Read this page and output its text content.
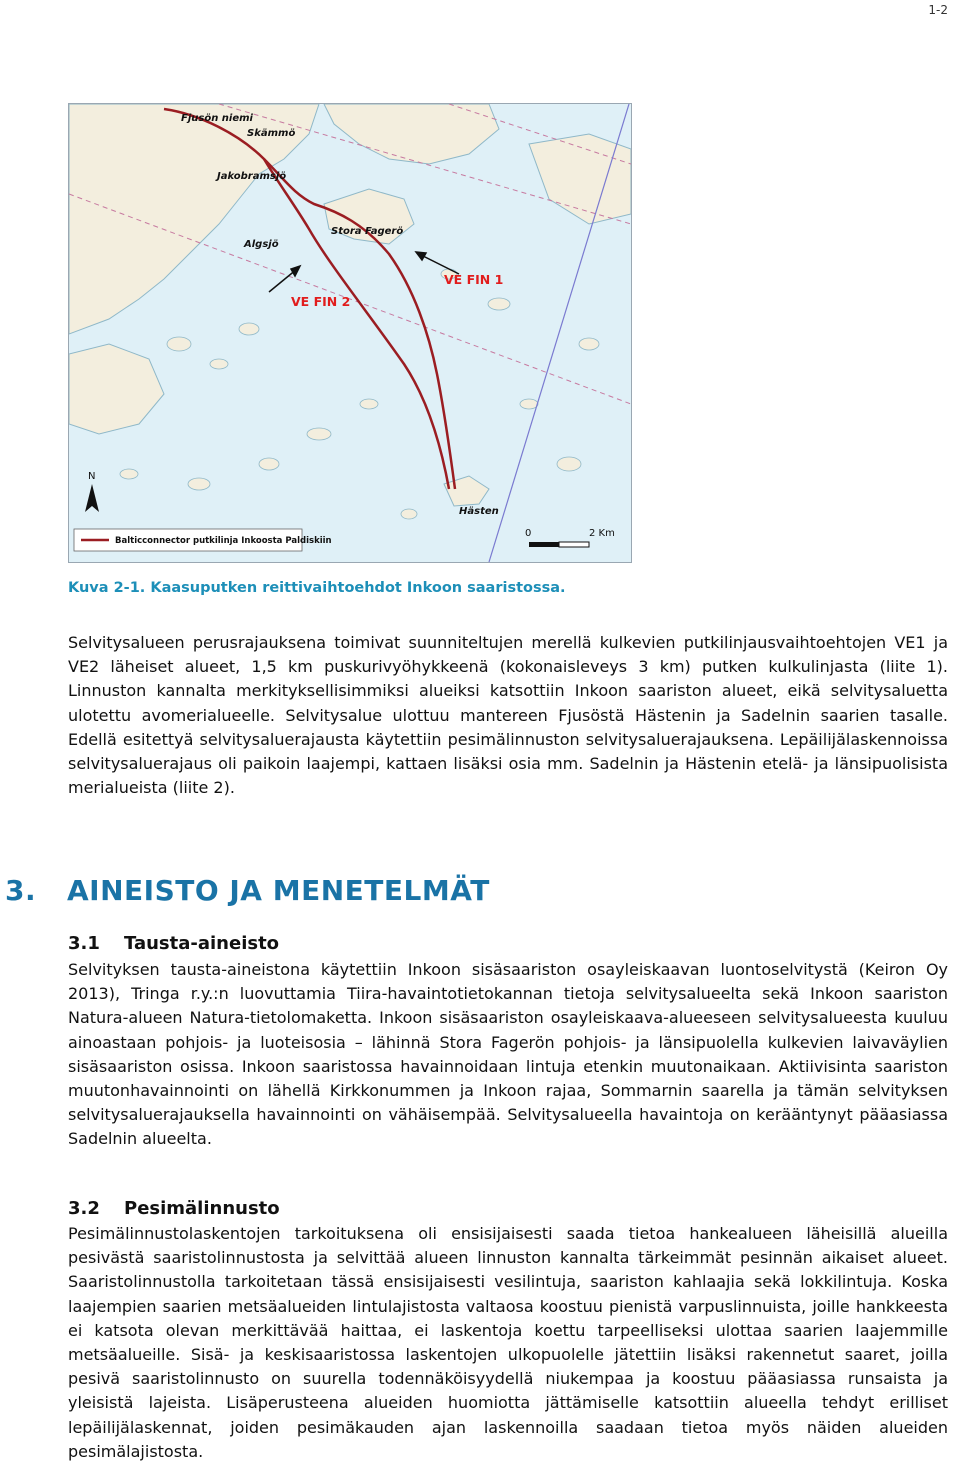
1-2
Fjusön niemi
Skämmö
Jakobramsjö
Stora Fagerö
Algsjö
Hästen
VE FIN 1
VE FIN 2
N
Balticconnector putkilinja Inkoosta Paldiskiin
0	2 Km
Kuva 2-1. Kaasuputken reittivaihtoehdot Inkoon saaristossa.

Selvitysalueen perusrajauksena toimivat suunniteltujen merellä kulkevien putkilinjausvaihtoehtojen VE1 ja VE2 läheiset alueet, 1,5 km puskurivyöhykkeenä (kokonaisleveys 3 km) putken kulkulinjasta (liite 1). Linnuston kannalta merkityksellisimmiksi alueiksi katsottiin Inkoon saariston alueet, eikä selvitysaluetta ulotettu avomerialueelle. Selvitysalue ulottuu mantereen Fjusöstä Hästenin ja Sadelnin saarien tasalle. Edellä esitettyä selvitysaluerajausta käytettiin pesimälinnuston selvitysaluerajauksena. Lepäilijälaskennoissa selvitysaluerajaus oli paikoin laajempi, kattaen lisäksi osia mm. Sadelnin ja Hästenin etelä- ja länsipuolisista merialueista (liite 2).

3. AINEISTO JA MENETELMÄT
3.1 Tausta-aineisto

Selvityksen tausta-aineistona käytettiin Inkoon sisäsaariston osayleiskaavan luontoselvitystä (Keiron Oy 2013), Tringa r.y.:n luovuttamia Tiira-havaintotietokannan tietoja selvitysalueelta sekä Inkoon saariston Natura-alueen Natura-tietolomaketta. Inkoon sisäsaariston osayleiskaava-alueeseen selvitysalueesta kuuluu ainoastaan pohjois- ja luoteisosia – lähinnä Stora Fagerön pohjois- ja länsipuolella kulkevien laivaväylien sisäsaariston osissa. Inkoon saaristossa havainnoidaan lintuja etenkin muutonaikaan. Aktiivisinta saariston muutonhavainnointi on lähellä Kirkkonummen ja Inkoon rajaa, Sommarnin saarella ja tämän selvityksen selvitysaluerajauksella havainnointi on vähäisempää. Selvitysalueella havaintoja on kerääntynyt pääasiassa Sadelnin alueelta.

3.2 Pesimälinnusto

Pesimälinnustolaskentojen tarkoituksena oli ensisijaisesti saada tietoa hankealueen läheisillä alueilla pesivästä saaristolinnustosta ja selvittää alueen linnuston kannalta tärkeimmät pesinnän aikaiset alueet. Saaristolinnustolla tarkoitetaan tässä ensisijaisesti vesilintuja, saariston kahlaajia sekä lokkilintuja. Koska laajempien saarien metsäalueiden lintulajistosta valtaosa koostuu pienistä varpuslinnuista, joille hankkeesta ei katsota olevan merkittävää haittaa, ei laskentoja koettu tarpeelliseksi ulottaa saarien laajemmille metsäalueille. Sisä- ja keskisaaristossa laskentojen ulkopuolelle jätettiin lisäksi rakennetut saaret, joilla pesivä saaristolinnusto on suurella todennäköisyydellä niukempaa ja koostuu pääasiassa runsaista ja yleisistä lajeista. Lisäperusteena alueiden huomiotta jättämiselle katsottiin alueella tehdyt erilliset lepäilijälaskennat, joiden pesimäkauden ajan laskennoilla saadaan tietoa myös näiden alueiden pesimälajistosta.
